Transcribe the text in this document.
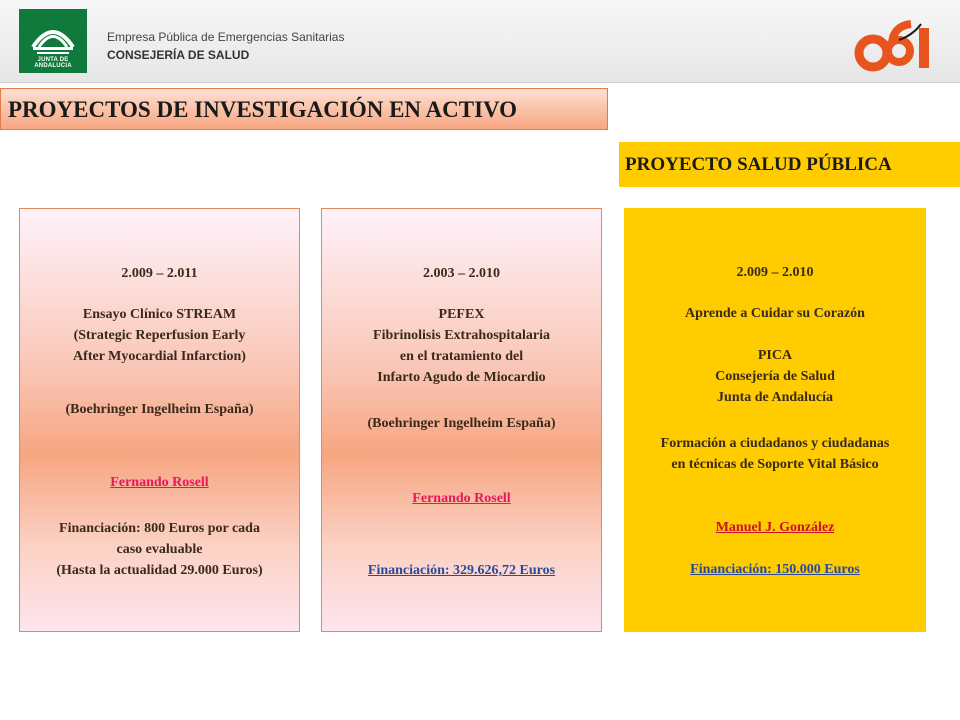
JUNTA DE ANDALUCIA
Empresa Pública de Emergencias Sanitarias
CONSEJERÍA DE SALUD
PROYECTOS DE INVESTIGACIÓN EN ACTIVO
PROYECTO SALUD PÚBLICA
2.009 – 2.011
Ensayo Clínico STREAM
(Strategic Reperfusion Early
After Myocardial Infarction)
(Boehringer Ingelheim España)
Fernando Rosell
Financiación: 800 Euros por cada
caso evaluable
(Hasta la actualidad 29.000 Euros)
2.003 – 2.010
PEFEX
Fibrinolisis Extrahospitalaria
en el tratamiento del
Infarto Agudo de Miocardio
(Boehringer Ingelheim España)
Fernando Rosell
Financiación: 329.626,72 Euros
2.009 – 2.010
Aprende a Cuidar su Corazón
PICA
Consejería de Salud
Junta de Andalucía
Formación a ciudadanos y ciudadanas
en técnicas de Soporte Vital Básico
Manuel J. González
Financiación: 150.000 Euros
